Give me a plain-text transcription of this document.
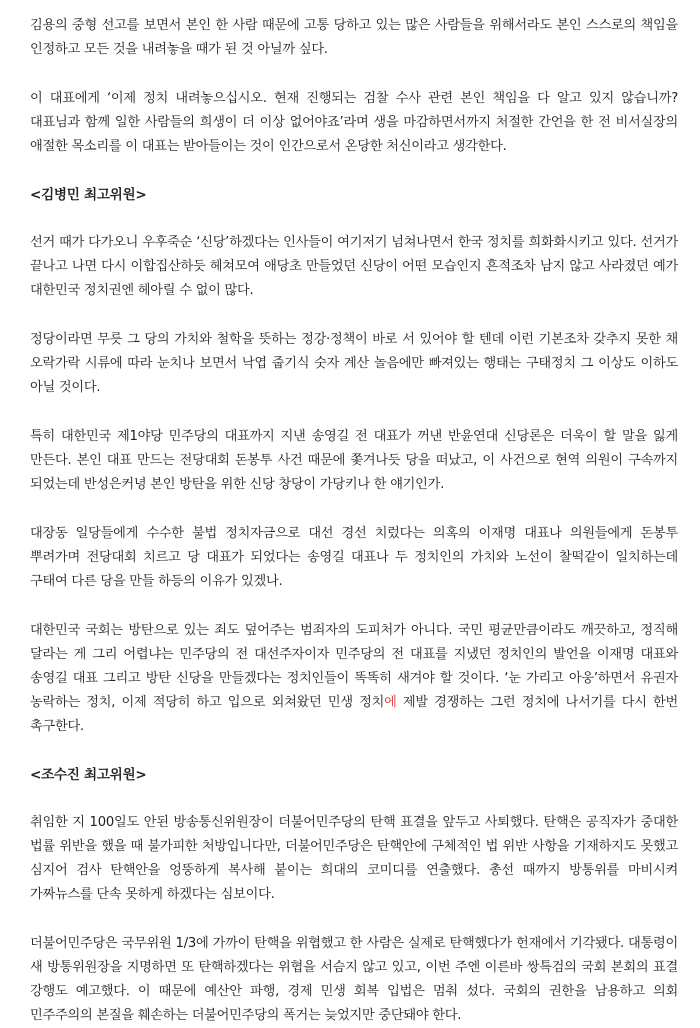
김용의 중형 선고를 보면서 본인 한 사람 때문에 고통 당하고 있는 많은 사람들을 위해서라도 본인 스스로의 책임을 인정하고 모든 것을 내려놓을 때가 된 것 아닐까 싶다.

이 대표에게 ‘이제 정치 내려놓으십시오. 현재 진행되는 검찰 수사 관련 본인 책임을 다 알고 있지 않습니까? 대표님과 함께 일한 사람들의 희생이 더 이상 없어야죠’라며 생을 마감하면서까지 처절한 간언을 한 전 비서실장의 애절한 목소리를 이 대표는 받아들이는 것이 인간으로서 온당한 처신이라고 생각한다.

<김병민 최고위원>

선거 때가 다가오니 우후죽순 ‘신당’하겠다는 인사들이 여기저기 넘쳐나면서 한국 정치를 희화화시키고 있다. 선거가 끝나고 나면 다시 이합집산하듯 헤쳐모여 애당초 만들었던 신당이 어떤 모습인지 흔적조차 남지 않고 사라졌던 예가 대한민국 정치권엔 헤아릴 수 없이 많다.

정당이라면 무릇 그 당의 가치와 철학을 뜻하는 정강·정책이 바로 서 있어야 할 텐데 이런 기본조차 갖추지 못한 채 오락가락 시류에 따라 눈치나 보면서 낙엽 줍기식 숫자 계산 놀음에만 빠져있는 행태는 구태정치 그 이상도 이하도 아닐 것이다.

특히 대한민국 제1야당 민주당의 대표까지 지낸 송영길 전 대표가 꺼낸 반윤연대 신당론은 더욱이 할 말을 잃게 만든다. 본인 대표 만드는 전당대회 돈봉투 사건 때문에 쫓겨나듯 당을 떠났고, 이 사건으로 현역 의원이 구속까지 되었는데 반성은커녕 본인 방탄을 위한 신당 창당이 가당키나 한 얘기인가.

대장동 일당들에게 수수한 불법 정치자금으로 대선 경선 치렀다는 의혹의 이재명 대표나 의원들에게 돈봉투 뿌려가며 전당대회 치르고 당 대표가 되었다는 송영길 대표나 두 정치인의 가치와 노선이 찰떡같이 일치하는데 구태여 다른 당을 만들 하등의 이유가 있겠나.

대한민국 국회는 방탄으로 있는 죄도 덮어주는 범죄자의 도피처가 아니다. 국민 평균만큼이라도 깨끗하고, 정직해 달라는 게 그리 어렵냐는 민주당의 전 대선주자이자 민주당의 전 대표를 지냈던 정치인의 발언을 이재명 대표와 송영길 대표 그리고 방탄 신당을 만들겠다는 정치인들이 똑똑히 새겨야 할 것이다. ‘눈 가리고 아웅’하면서 유권자 농락하는 정치, 이제 적당히 하고 입으로 외쳐왔던 민생 정치에 제발 경쟁하는 그런 정치에 나서기를 다시 한번 촉구한다.

<조수진 최고위원>

취임한 지 100일도 안된 방송통신위원장이 더불어민주당의 탄핵 표결을 앞두고 사퇴했다. 탄핵은 공직자가 중대한 법률 위반을 했을 때 불가피한 처방입니다만, 더불어민주당은 탄핵안에 구체적인 법 위반 사항을 기재하지도 못했고 심지어 검사 탄핵안을 엉뚱하게 복사해 붙이는 희대의 코미디를 연출했다. 총선 때까지 방통위를 마비시켜 가짜뉴스를 단속 못하게 하겠다는 심보이다.

더불어민주당은 국무위원 1/3에 가까이 탄핵을 위협했고 한 사람은 실제로 탄핵했다가 헌재에서 기각됐다. 대통령이 새 방통위원장을 지명하면 또 탄핵하겠다는 위협을 서슴지 않고 있고, 이번 주엔 이른바 쌍특검의 국회 본회의 표결 강행도 예고했다. 이 때문에 예산안 파행, 경제 민생 회복 입법은 멈춰 섰다. 국회의 권한을 남용하고 의회 민주주의의 본질을 훼손하는 더불어민주당의 폭거는 늦었지만 중단돼야 한다.
